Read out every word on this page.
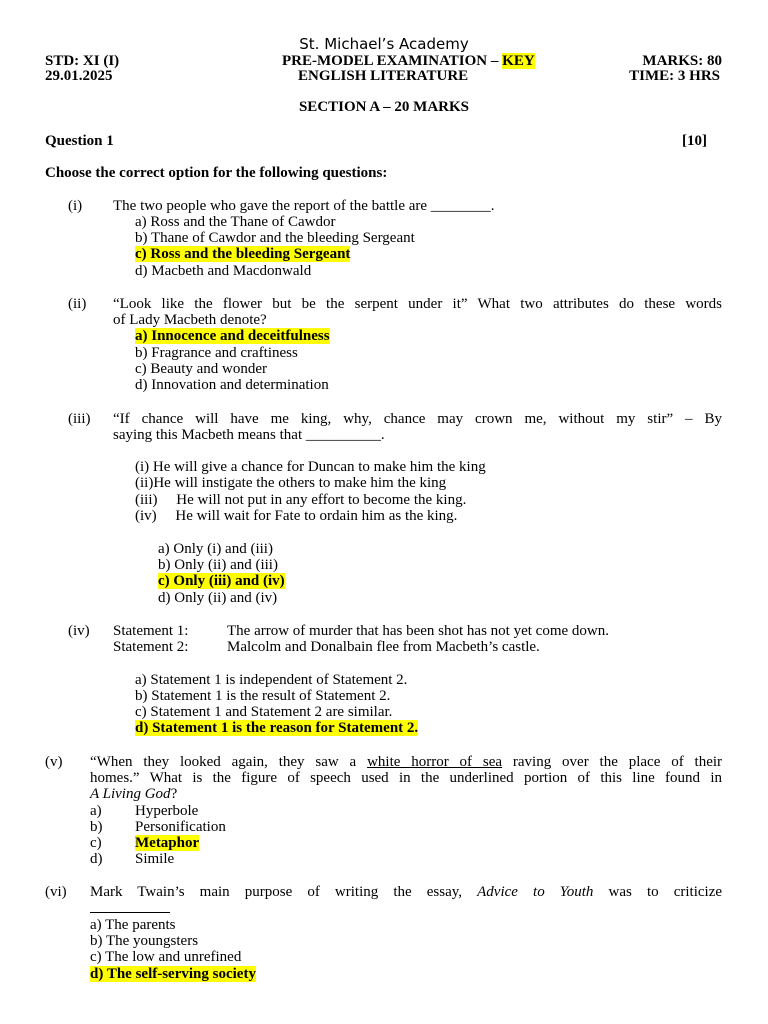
St. Michael’s Academy
STD: XI (I)
29.01.2025
PRE-MODEL EXAMINATION – KEY
ENGLISH LITERATURE
MARKS: 80
TIME: 3 HRS
SECTION A – 20 MARKS
Question 1	[10]
Choose the correct option for the following questions:
(i) The two people who gave the report of the battle are ________.
a) Ross and the Thane of Cawdor
b) Thane of Cawdor and the bleeding Sergeant
c) Ross and the bleeding Sergeant
d) Macbeth and Macdonwald
(ii) “Look like the flower but be the serpent under it” What two attributes do these words
of Lady Macbeth denote?
a) Innocence and deceitfulness
b) Fragrance and craftiness
c) Beauty and wonder
d) Innovation and determination
(iii) “If chance will have me king, why, chance may crown me, without my stir” – By
saying this Macbeth means that __________.
(i) He will give a chance for Duncan to make him the king
(ii)He will instigate the others to make him the king
(iii)     He will not put in any effort to become the king.
(iv)     He will wait for Fate to ordain him as the king.
a) Only (i) and (iii)
b) Only (ii) and (iii)
c) Only (iii) and (iv)
d) Only (ii) and (iv)
(iv) Statement 1:	The arrow of murder that has been shot has not yet come down.
Statement 2:	Malcolm and Donalbain flee from Macbeth’s castle.
a) Statement 1 is independent of Statement 2.
b) Statement 1 is the result of Statement 2.
c) Statement 1 and Statement 2 are similar.
d) Statement 1 is the reason for Statement 2.
(v) “When they looked again, they saw a white horror of sea raving over the place of their
homes.” What is the figure of speech used in the underlined portion of this line found in
A Living God?
a) Hyperbole
b) Personification
c) Metaphor
d) Simile
(vi) Mark Twain’s main purpose of writing the essay, Advice to Youth was to criticize
a) The parents
b) The youngsters
c) The low and unrefined
d) The self-serving society
